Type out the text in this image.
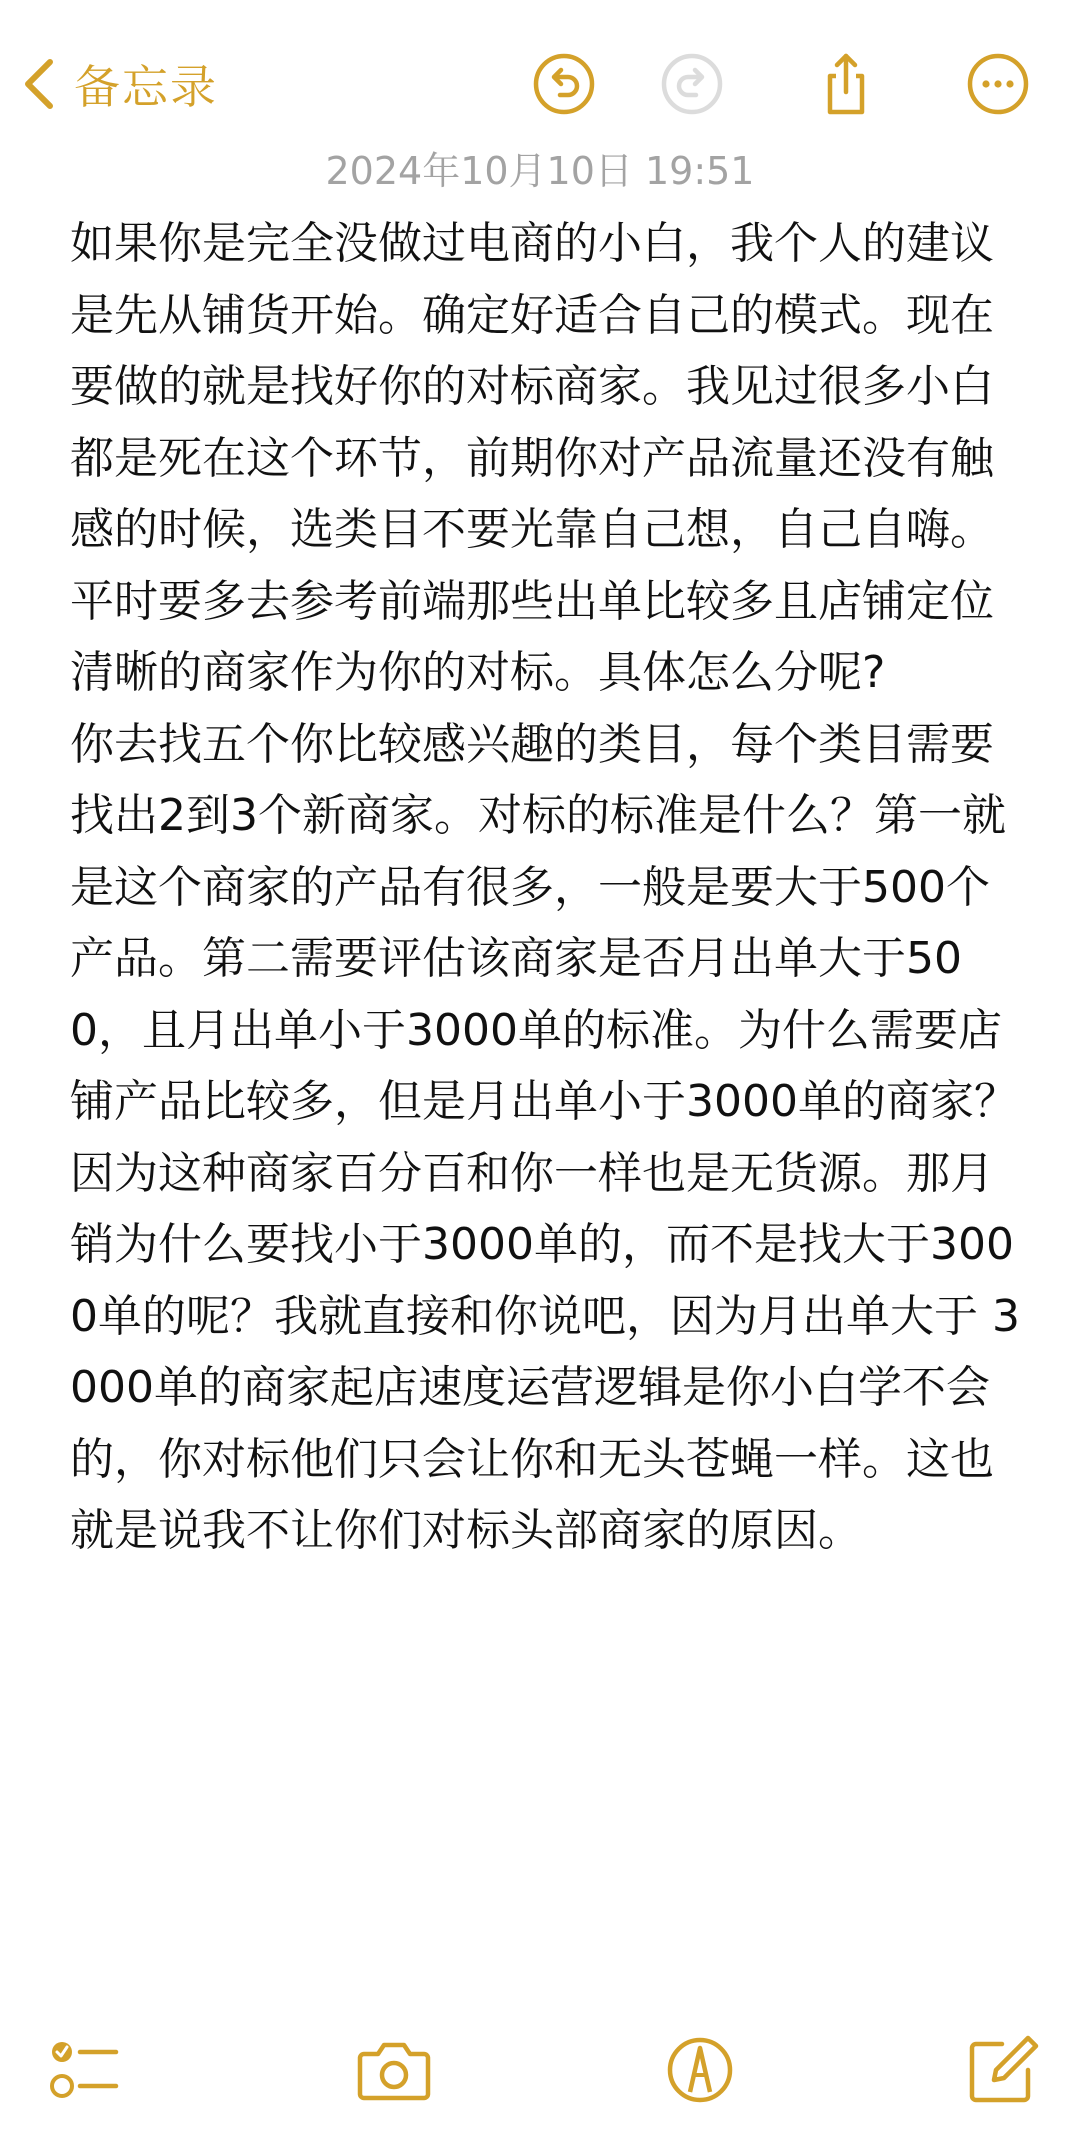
备忘录
2024年10月10日 19:51

如果你是完全没做过电商的小白，我个人的建议是先从铺货开始。确定好适合自己的模式。现在要做的就是找好你的对标商家。我见过很多小白都是死在这个环节，前期你对产品流量还没有触感的时候，选类目不要光靠自己想，自己自嗨。平时要多去参考前端那些出单比较多且店铺定位清晰的商家作为你的对标。具体怎么分呢?

你去找五个你比较感兴趣的类目，每个类目需要找出2到3个新商家。对标的标准是什么？第一就是这个商家的产品有很多，一般是要大于500个产品。第二需要评估该商家是否月出单大于500，且月出单小于3000单的标准。为什么需要店铺产品比较多，但是月出单小于3000单的商家？因为这种商家百分百和你一样也是无货源。那月销为什么要找小于3000单的，而不是找大于3000单的呢？我就直接和你说吧，因为月出单大于 3000单的商家起店速度运营逻辑是你小白学不会的，你对标他们只会让你和无头苍蝇一样。这也就是说我不让你们对标头部商家的原因。
